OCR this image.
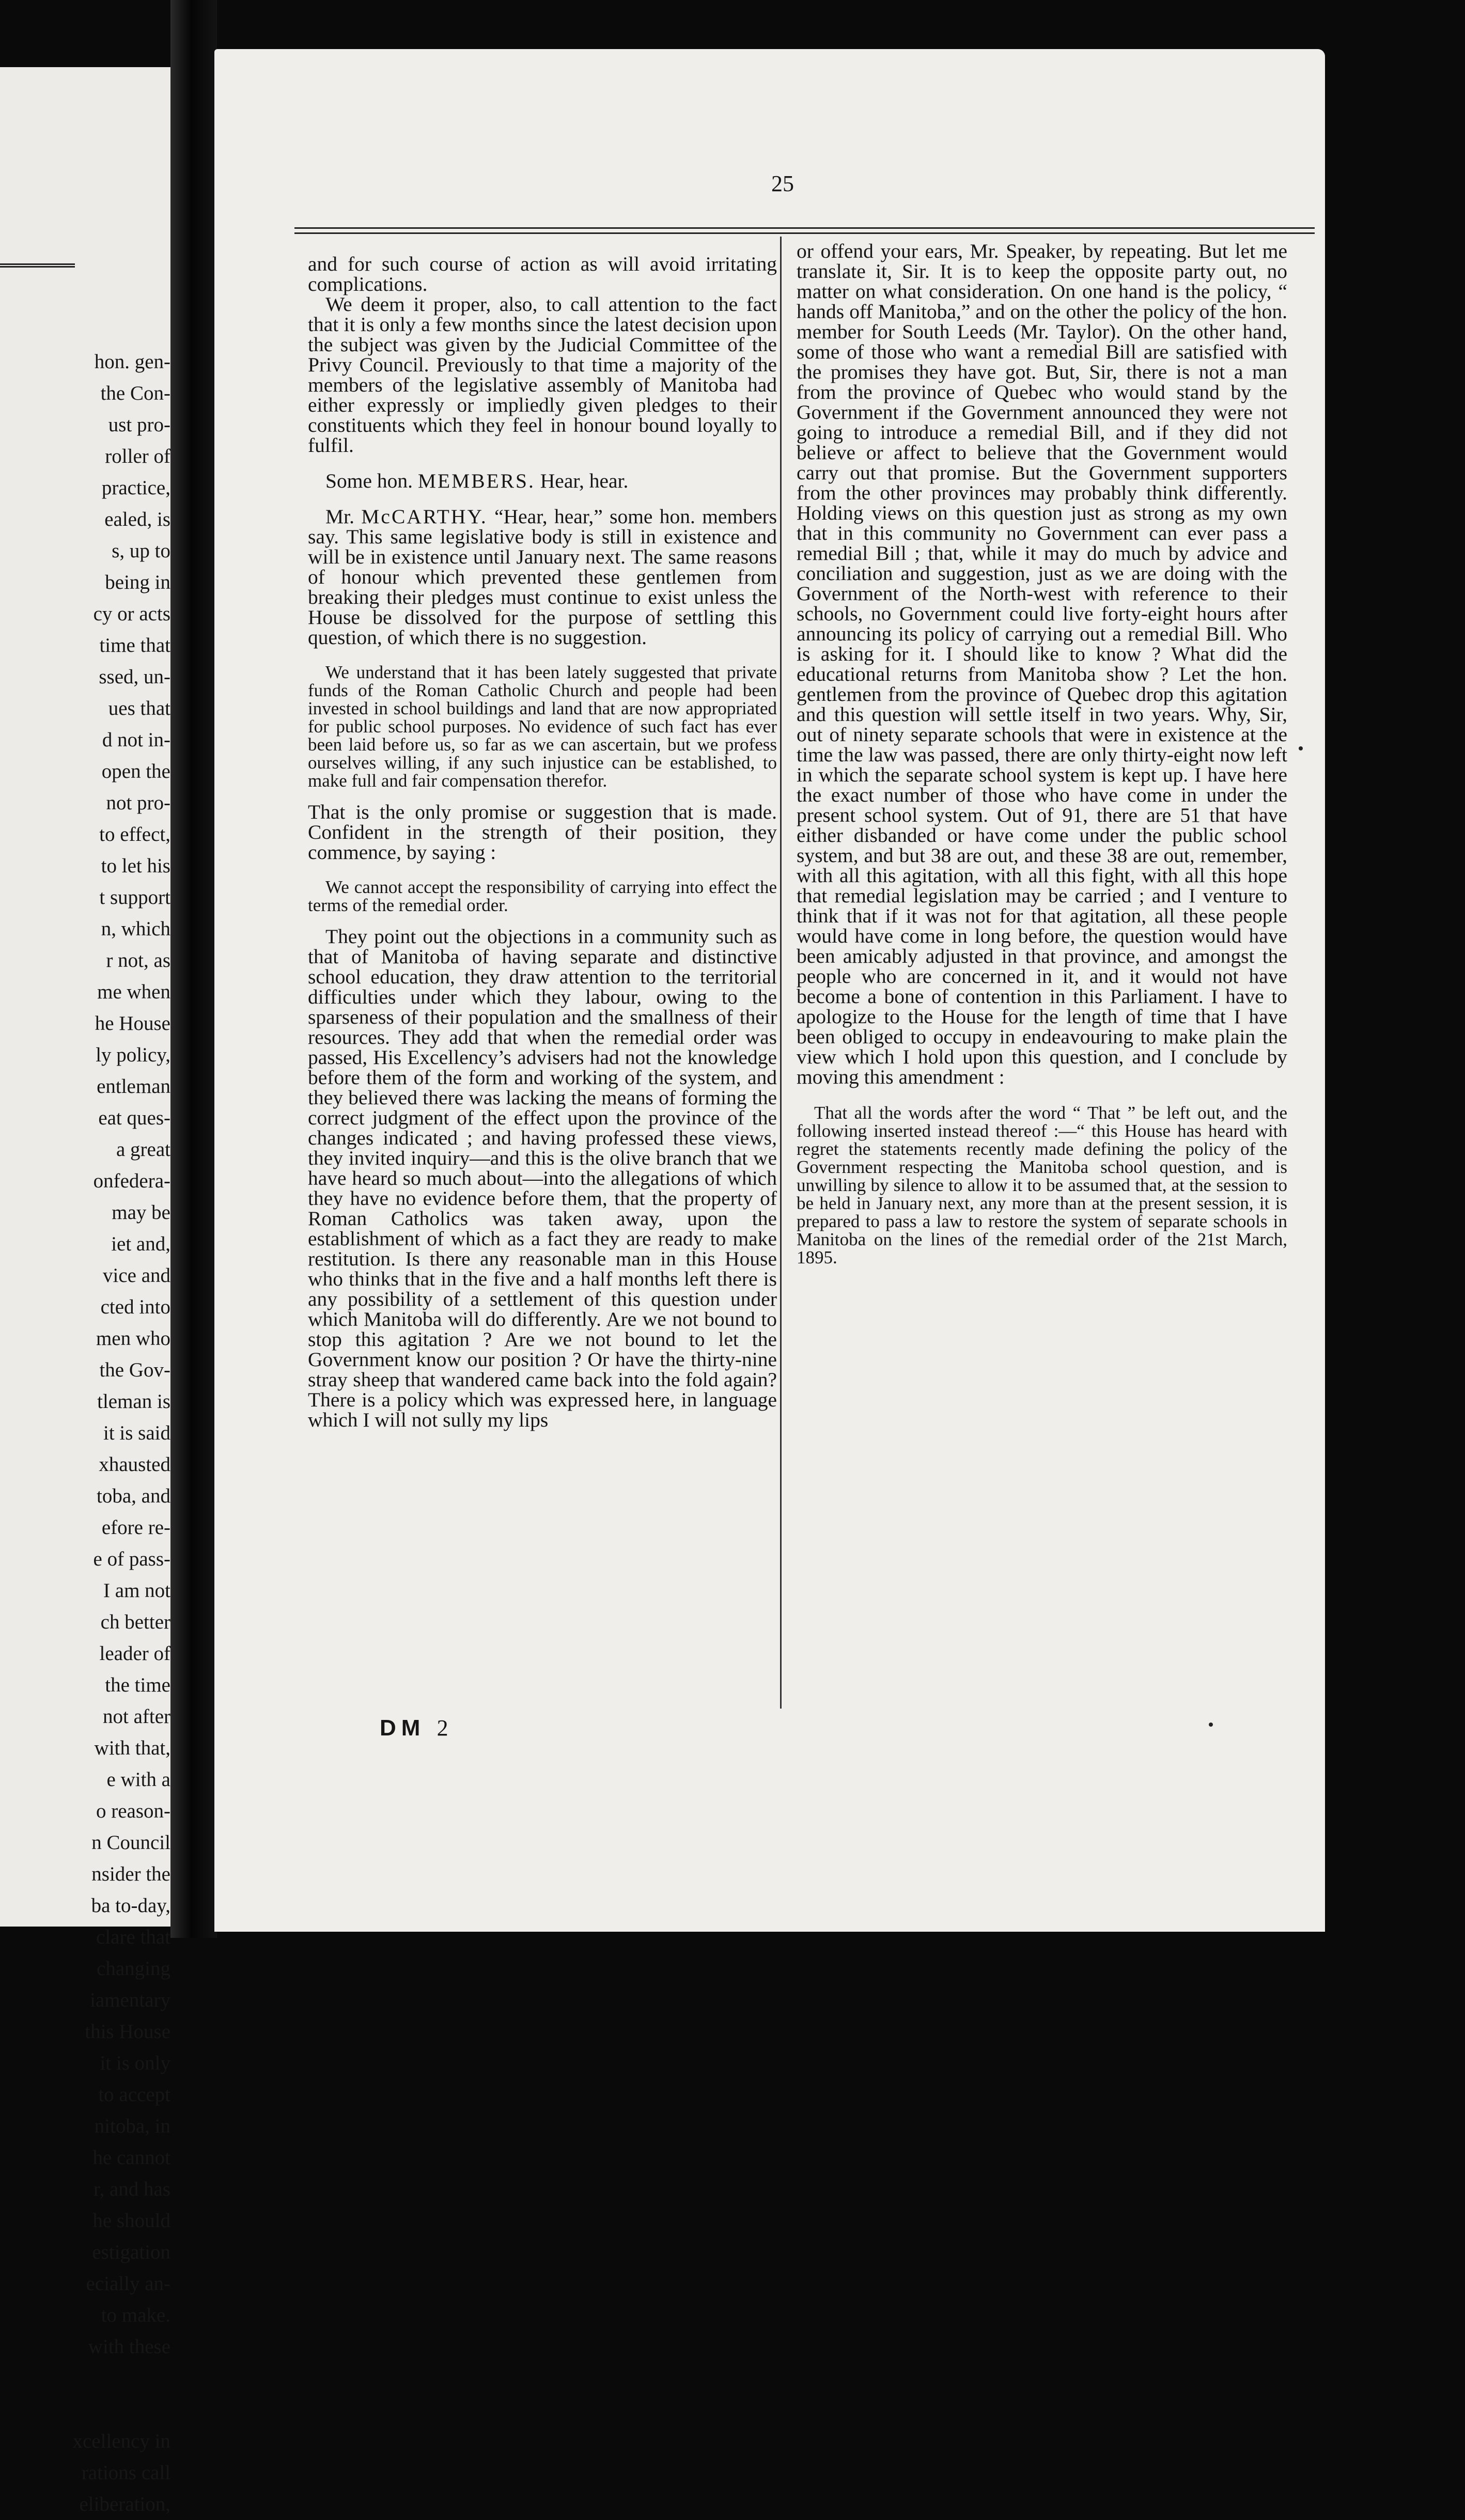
hon. gen-
the Con-
ust pro-
roller of
practice,
ealed, is
s, up to
being in
cy or acts
time that
ssed, un-
ues that
d not in-
open the
not pro-
to effect,
to let his
t support
n, which
r not, as
me when
he House
ly policy,
entleman
eat ques-
a great
onfedera-
may be
iet and,
vice and
cted into
men who
the Gov-
tleman is
it is said
xhausted
toba, and
efore re-
e of pass-
I am not
ch better
leader of
the time
not after
with that,
e with a
o reason-
n Council
nsider the
ba to-day,
clare that
changing
iamentary
this House
it is only
to accept
nitoba, in
he cannot
r, and has
he should
estigation
ecially an-
to make.
with these
xcellency in
rations call
eliberation,
25

and for such course of action as will avoid irritating complications.

We deem it proper, also, to call attention to the fact that it is only a few months since the latest decision upon the subject was given by the Judicial Committee of the Privy Council. Previously to that time a majority of the members of the legislative assembly of Manitoba had either expressly or impliedly given pledges to their constituents which they feel in honour bound loyally to fulfil.

Some hon. MEMBERS. Hear, hear.

Mr. McCARTHY. “Hear, hear,” some hon. members say. This same legislative body is still in existence and will be in existence until January next. The same reasons of honour which prevented these gentlemen from breaking their pledges must continue to exist unless the House be dissolved for the purpose of settling this question, of which there is no suggestion.

We understand that it has been lately suggested that private funds of the Roman Catholic Church and people had been invested in school buildings and land that are now appropriated for public school purposes. No evidence of such fact has ever been laid before us, so far as we can ascertain, but we profess ourselves willing, if any such injustice can be established, to make full and fair compensation therefor.

That is the only promise or suggestion that is made. Confident in the strength of their position, they commence, by saying :

We cannot accept the responsibility of carrying into effect the terms of the remedial order.

They point out the objections in a community such as that of Manitoba of having separate and distinctive school education, they draw attention to the territorial difficulties under which they labour, owing to the sparseness of their population and the smallness of their resources. They add that when the remedial order was passed, His Excellency’s advisers had not the knowledge before them of the form and working of the system, and they believed there was lacking the means of forming the correct judgment of the effect upon the province of the changes indicated ; and having professed these views, they invited inquiry—and this is the olive branch that we have heard so much about—into the allegations of which they have no evidence before them, that the property of Roman Catholics was taken away, upon the establishment of which as a fact they are ready to make restitution. Is there any reasonable man in this House who thinks that in the five and a half months left there is any possibility of a settlement of this question under which Manitoba will do differently. Are we not bound to stop this agitation ? Are we not bound to let the Government know our position ? Or have the thirty-nine stray sheep that wandered came back into the fold again? There is a policy which was expressed here, in language which I will not sully my lips

or offend your ears, Mr. Speaker, by repeating. But let me translate it, Sir. It is to keep the opposite party out, no matter on what consideration. On one hand is the policy, “ hands off Manitoba,” and on the other the policy of the hon. member for South Leeds (Mr. Taylor). On the other hand, some of those who want a remedial Bill are satisfied with the promises they have got. But, Sir, there is not a man from the province of Quebec who would stand by the Government if the Government announced they were not going to introduce a remedial Bill, and if they did not believe or affect to believe that the Government would carry out that promise. But the Government supporters from the other provinces may probably think differently. Holding views on this question just as strong as my own that in this community no Government can ever pass a remedial Bill ; that, while it may do much by advice and conciliation and suggestion, just as we are doing with the Government of the North-west with reference to their schools, no Government could live forty-eight hours after announcing its policy of carrying out a remedial Bill. Who is asking for it. I should like to know ? What did the educational returns from Manitoba show ? Let the hon. gentlemen from the province of Quebec drop this agitation and this question will settle itself in two years. Why, Sir, out of ninety separate schools that were in existence at the time the law was passed, there are only thirty-eight now left in which the separate school system is kept up. I have here the exact number of those who have come in under the present school system. Out of 91, there are 51 that have either disbanded or have come under the public school system, and but 38 are out, and these 38 are out, remember, with all this agitation, with all this fight, with all this hope that remedial legislation may be carried ; and I venture to think that if it was not for that agitation, all these people would have come in long before, the question would have been amicably adjusted in that province, and amongst the people who are concerned in it, and it would not have become a bone of contention in this Parliament. I have to apologize to the House for the length of time that I have been obliged to occupy in endeavouring to make plain the view which I hold upon this question, and I conclude by moving this amendment :

That all the words after the word “ That ” be left out, and the following inserted instead thereof :—“ this House has heard with regret the statements recently made defining the policy of the Government respecting the Manitoba school question, and is unwilling by silence to allow it to be assumed that, at the session to be held in January next, any more than at the present session, it is prepared to pass a law to restore the system of separate schools in Manitoba on the lines of the remedial order of the 21st March, 1895.

DM 2
